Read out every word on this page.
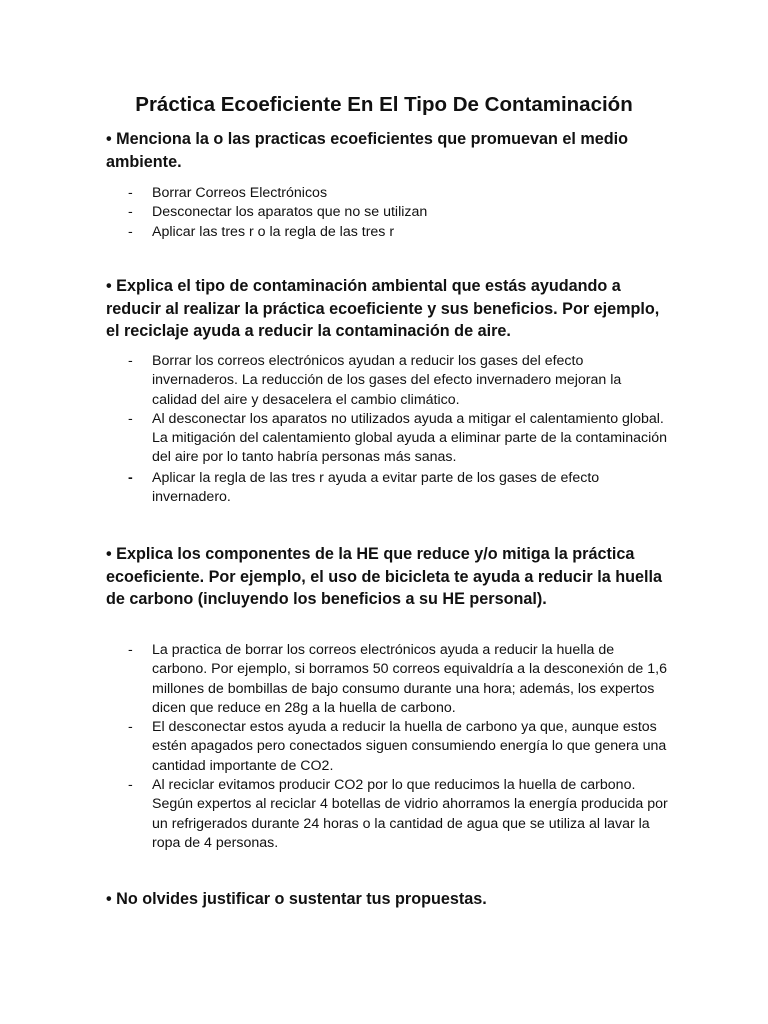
Práctica Ecoeficiente En El Tipo De Contaminación

• Menciona la o las practicas ecoeficientes que promuevan el medio ambiente.

- Borrar Correos Electrónicos
- Desconectar los aparatos que no se utilizan
- Aplicar las tres r o la regla de las tres r

• Explica el tipo de contaminación ambiental que estás ayudando a reducir al realizar la práctica ecoeficiente y sus beneficios. Por ejemplo, el reciclaje ayuda a reducir la contaminación de aire.

- Borrar los correos electrónicos ayudan a reducir los gases del efecto invernaderos. La reducción de los gases del efecto invernadero mejoran la calidad del aire y desacelera el cambio climático.
- Al desconectar los aparatos no utilizados ayuda a mitigar el calentamiento global. La mitigación del calentamiento global ayuda a eliminar parte de la contaminación del aire por lo tanto habría personas más sanas.
- Aplicar la regla de las tres r ayuda a evitar parte de los gases de efecto invernadero.

• Explica los componentes de la HE que reduce y/o mitiga la práctica ecoeficiente. Por ejemplo, el uso de bicicleta te ayuda a reducir la huella de carbono (incluyendo los beneficios a su HE personal).

- La practica de borrar los correos electrónicos ayuda a reducir la huella de carbono. Por ejemplo, si borramos 50 correos equivaldría a la desconexión de 1,6 millones de bombillas de bajo consumo durante una hora; además, los expertos dicen que reduce en 28g a la huella de carbono.
- El desconectar estos ayuda a reducir la huella de carbono ya que, aunque estos estén apagados pero conectados siguen consumiendo energía lo que genera una cantidad importante de CO2.
- Al reciclar evitamos producir CO2 por lo que reducimos la huella de carbono. Según expertos al reciclar 4 botellas de vidrio ahorramos la energía producida por un refrigerados durante 24 horas o la cantidad de agua que se utiliza al lavar la ropa de 4 personas.

• No olvides justificar o sustentar tus propuestas.
